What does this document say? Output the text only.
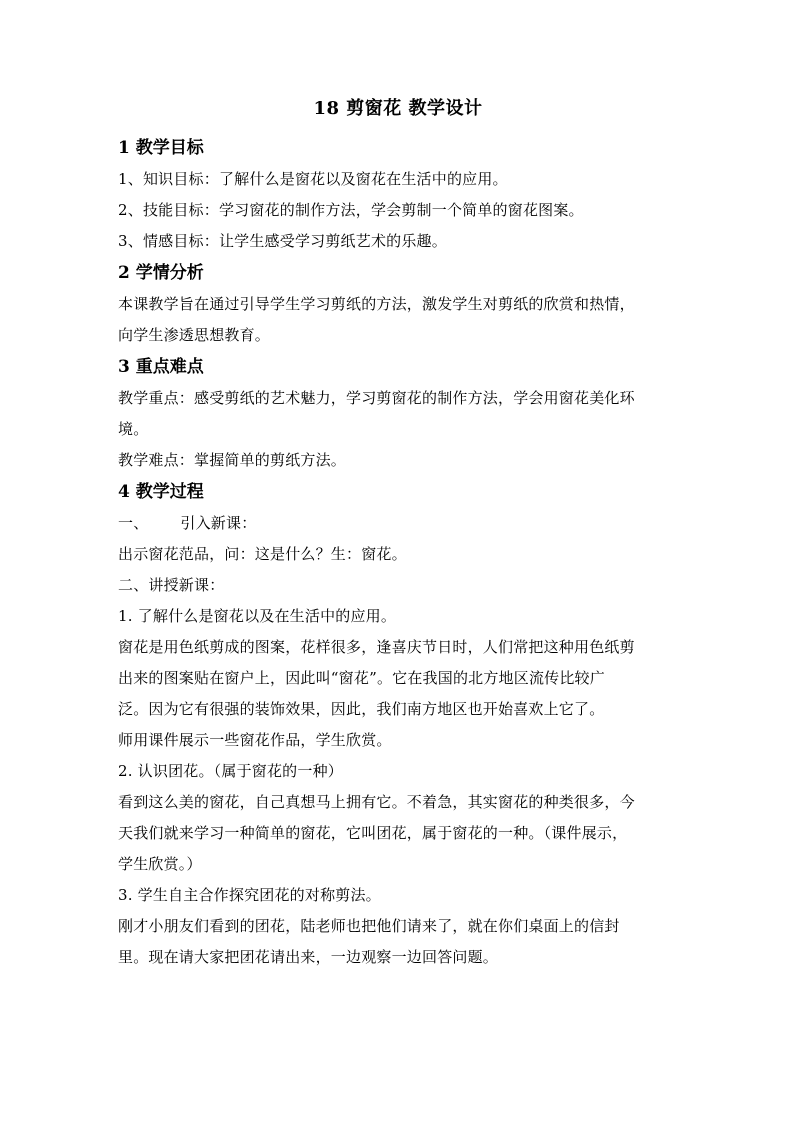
18 剪窗花 教学设计
1 教学目标
1、知识目标：了解什么是窗花以及窗花在生活中的应用。
2、技能目标：学习窗花的制作方法，学会剪制一个简单的窗花图案。
3、情感目标：让学生感受学习剪纸艺术的乐趣。
2 学情分析
本课教学旨在通过引导学生学习剪纸的方法，激发学生对剪纸的欣赏和热情，
向学生渗透思想教育。
3 重点难点
教学重点：感受剪纸的艺术魅力，学习剪窗花的制作方法，学会用窗花美化环
境。
教学难点：掌握简单的剪纸方法。
4 教学过程
一、 引入新课：
出示窗花范品，问：这是什么？生：窗花。
二、讲授新课：
1. 了解什么是窗花以及在生活中的应用。
窗花是用色纸剪成的图案，花样很多，逢喜庆节日时，人们常把这种用色纸剪
出来的图案贴在窗户上，因此叫“窗花”。它在我国的北方地区流传比较广
泛。因为它有很强的装饰效果，因此，我们南方地区也开始喜欢上它了。
师用课件展示一些窗花作品，学生欣赏。
2. 认识团花。（属于窗花的一种）
看到这么美的窗花，自己真想马上拥有它。不着急，其实窗花的种类很多，今
天我们就来学习一种简单的窗花，它叫团花，属于窗花的一种。（课件展示，
学生欣赏。）
3. 学生自主合作探究团花的对称剪法。
刚才小朋友们看到的团花，陆老师也把他们请来了，就在你们桌面上的信封
里。现在请大家把团花请出来，一边观察一边回答问题。
